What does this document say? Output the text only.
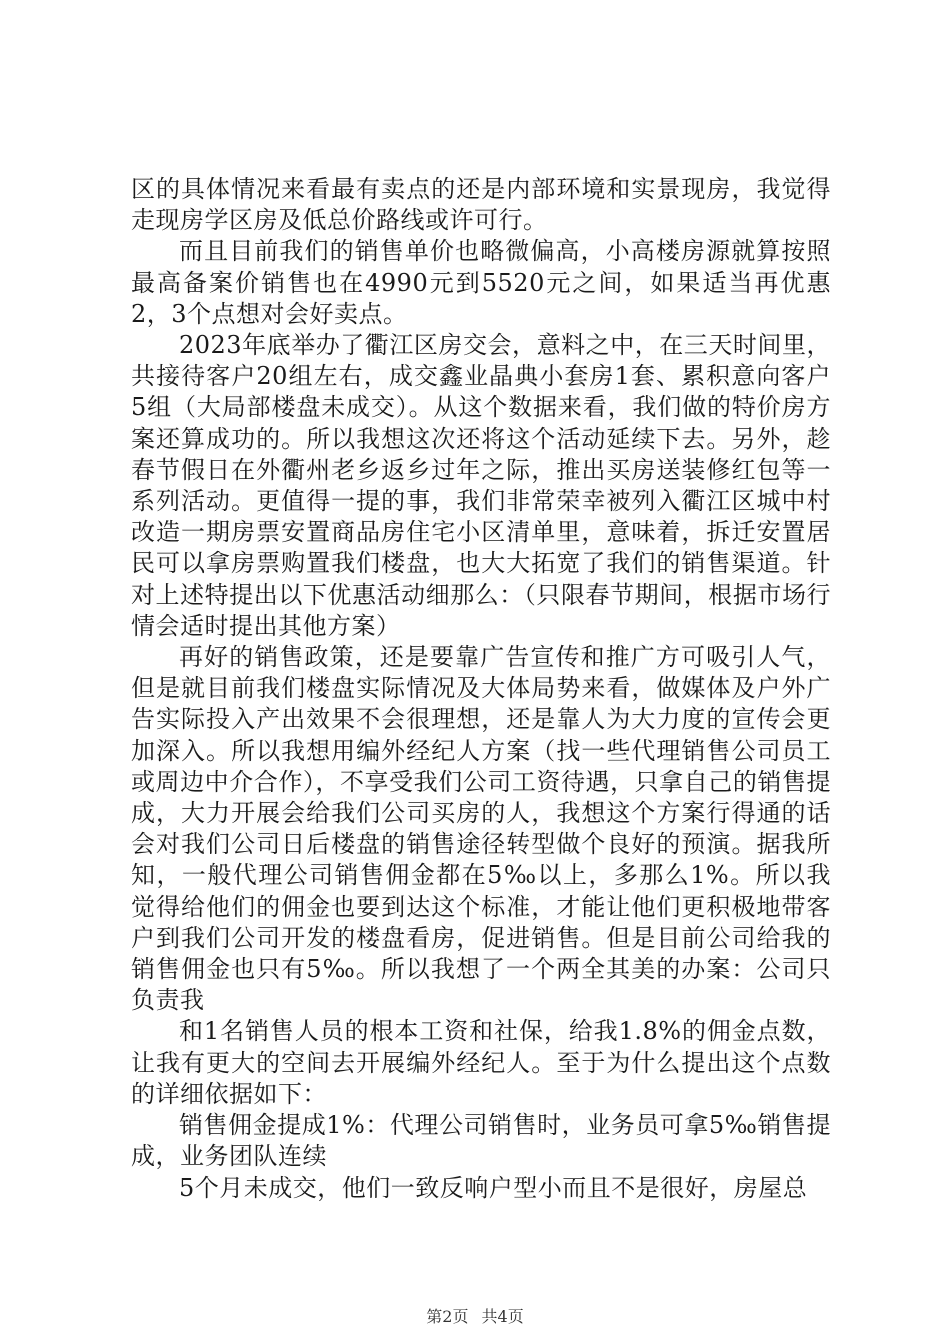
区的具体情况来看最有卖点的还是内部环境和实景现房，我觉得走现房学区房及低总价路线或许可行。

而且目前我们的销售单价也略微偏高，小高楼房源就算按照最高备案价销售也在4990元到5520元之间，如果适当再优惠2，3个点想对会好卖点。

2023年底举办了衢江区房交会，意料之中，在三天时间里，共接待客户20组左右，成交鑫业晶典小套房1套、累积意向客户5组（大局部楼盘未成交）。从这个数据来看，我们做的特价房方案还算成功的。所以我想这次还将这个活动延续下去。另外，趁春节假日在外衢州老乡返乡过年之际，推出买房送装修红包等一系列活动。更值得一提的事，我们非常荣幸被列入衢江区城中村改造一期房票安置商品房住宅小区清单里，意味着，拆迁安置居民可以拿房票购置我们楼盘，也大大拓宽了我们的销售渠道。针对上述特提出以下优惠活动细那么：（只限春节期间，根据市场行情会适时提出其他方案）

再好的销售政策，还是要靠广告宣传和推广方可吸引人气，但是就目前我们楼盘实际情况及大体局势来看，做媒体及户外广告实际投入产出效果不会很理想，还是靠人为大力度的宣传会更加深入。所以我想用编外经纪人方案（找一些代理销售公司员工或周边中介合作），不享受我们公司工资待遇，只拿自己的销售提成，大力开展会给我们公司买房的人，我想这个方案行得通的话会对我们公司日后楼盘的销售途径转型做个良好的预演。据我所知，一般代理公司销售佣金都在5‰以上，多那么1%。所以我觉得给他们的佣金也要到达这个标准，才能让他们更积极地带客户到我们公司开发的楼盘看房，促进销售。但是目前公司给我的销售佣金也只有5‰。所以我想了一个两全其美的办案：公司只负责我

和1名销售人员的根本工资和社保，给我1.8%的佣金点数，让我有更大的空间去开展编外经纪人。至于为什么提出这个点数的详细依据如下：

销售佣金提成1%：代理公司销售时，业务员可拿5‰销售提成，业务团队连续

5个月未成交，他们一致反响户型小而且不是很好，房屋总

第2页 共4页
